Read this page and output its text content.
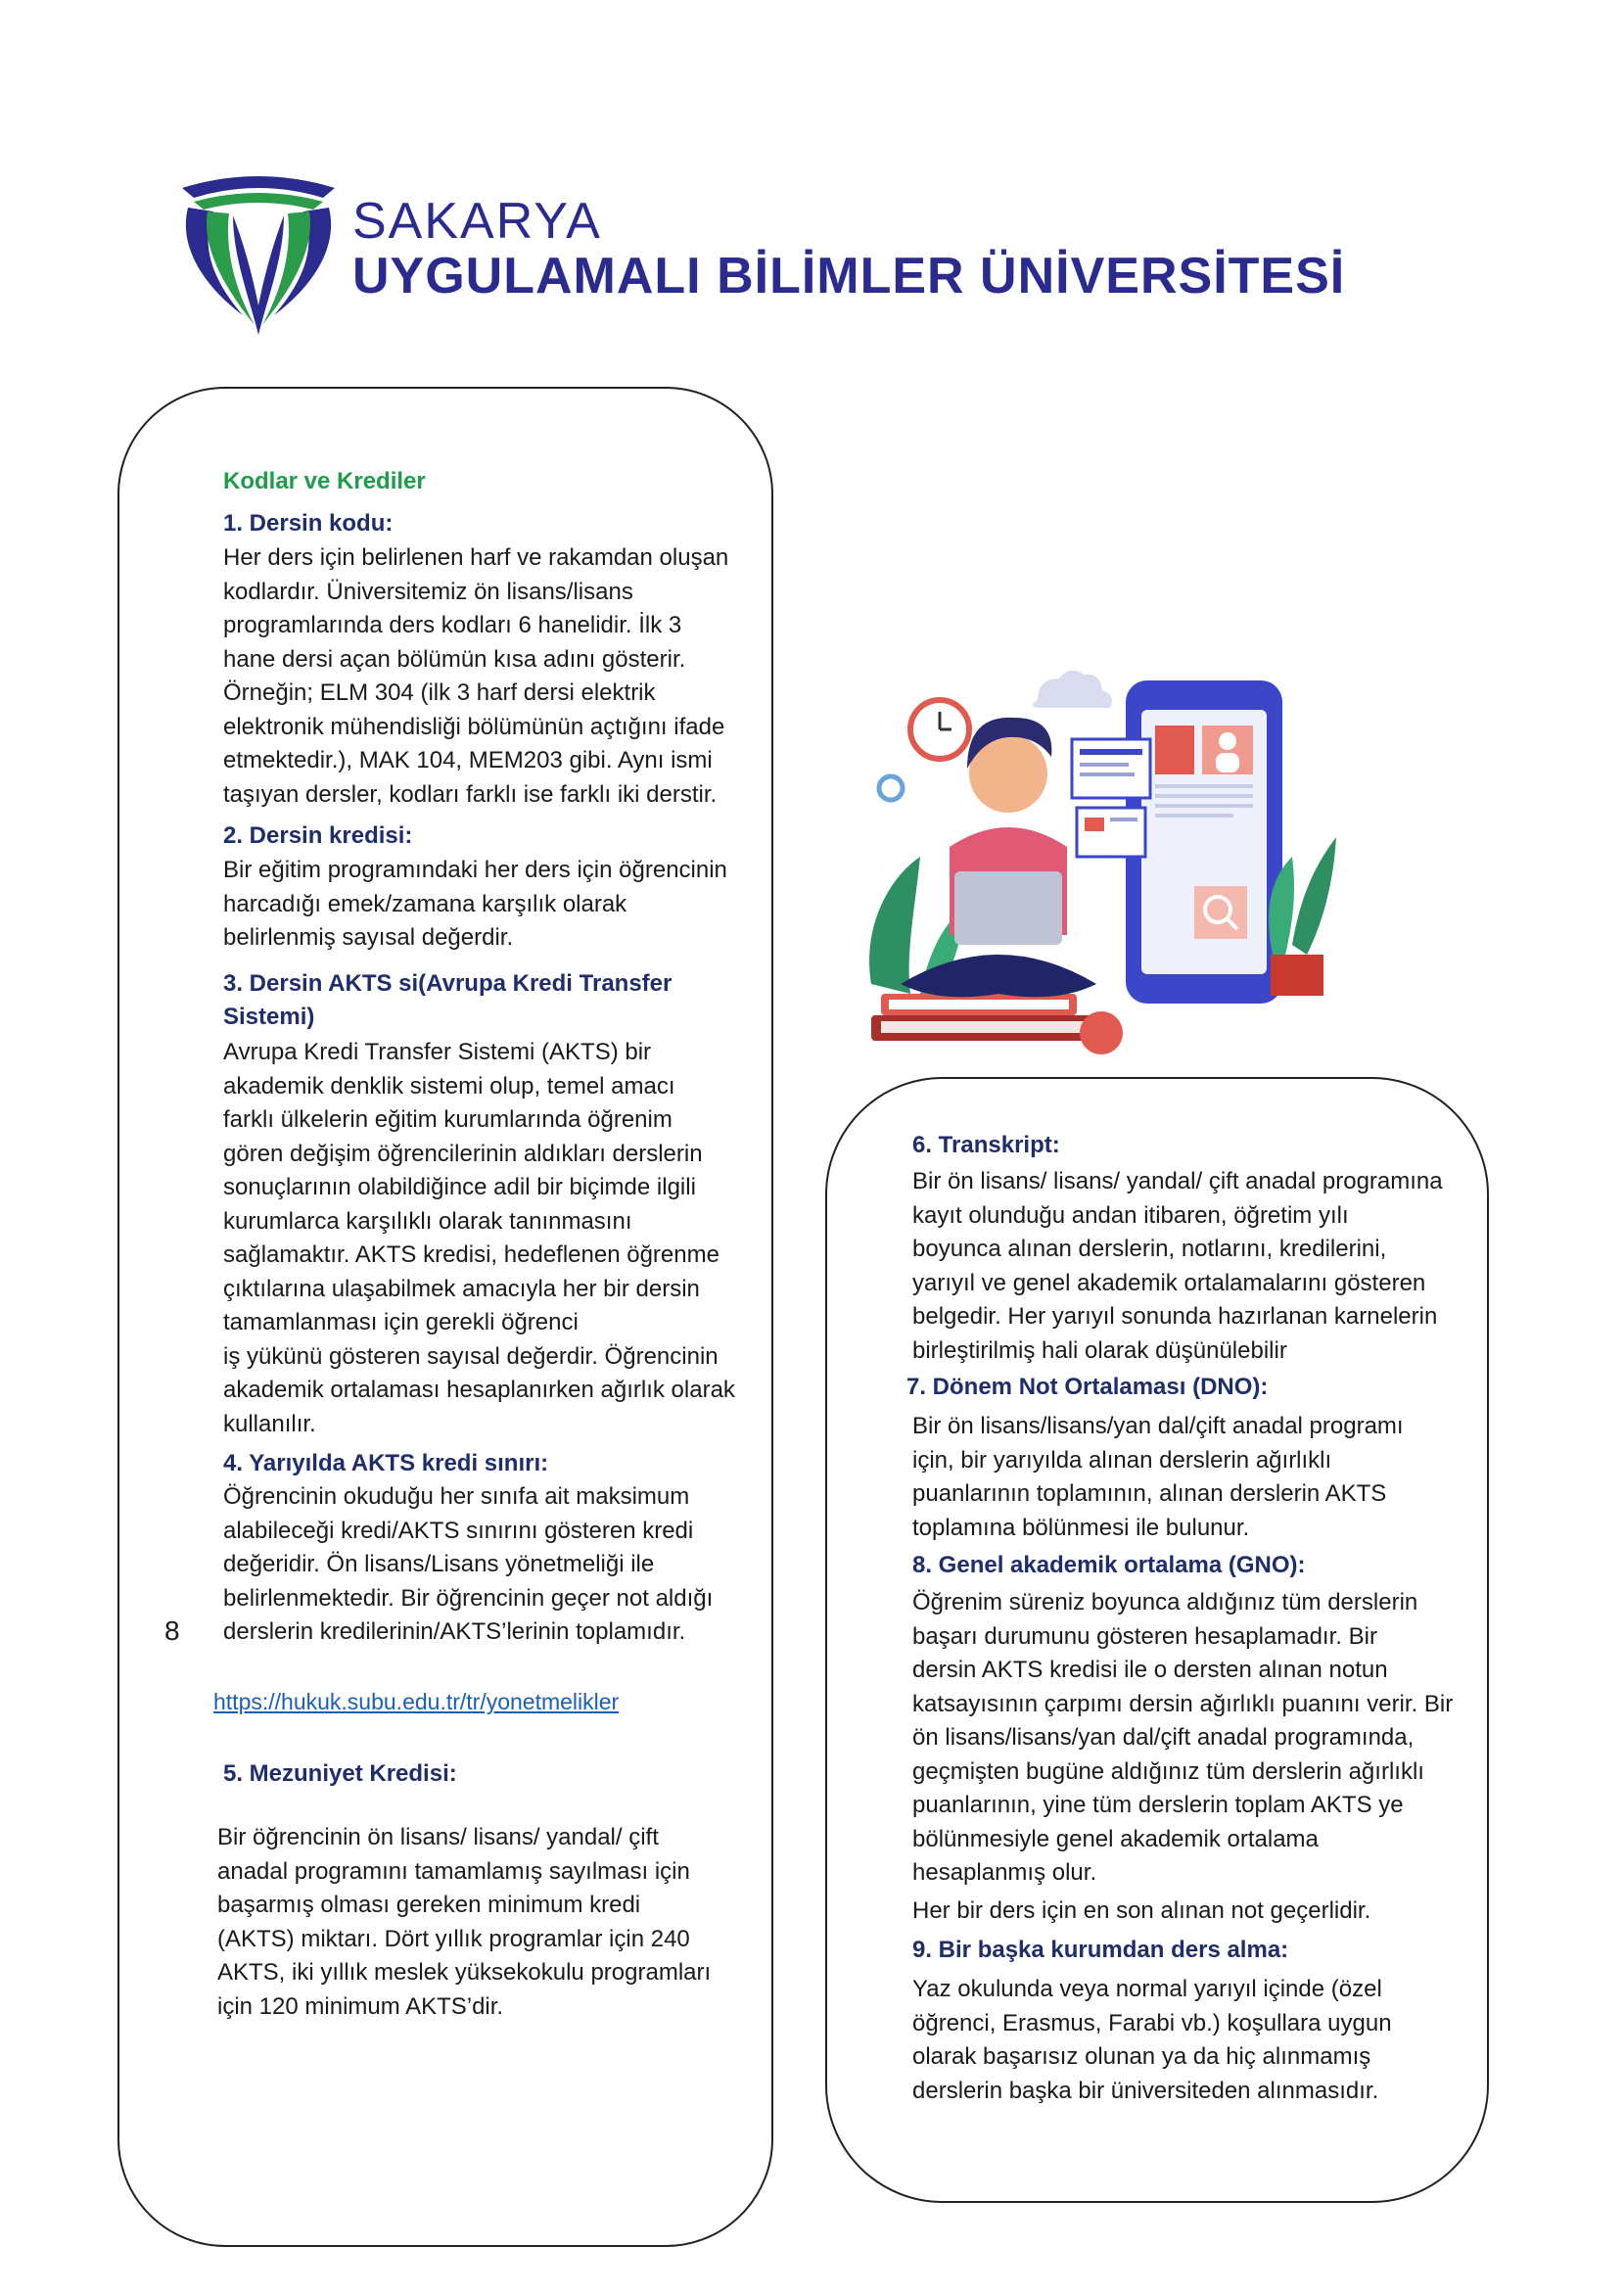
SAKARYA
UYGULAMALI BİLİMLER ÜNİVERSİTESİ
Kodlar ve Krediler
1. Dersin kodu:
Her ders için belirlenen harf ve rakamdan oluşan
kodlardır. Üniversitemiz ön lisans/lisans
programlarında ders kodları 6 hanelidir. İlk 3
hane dersi açan bölümün kısa adını gösterir.
Örneğin; ELM 304 (ilk 3 harf dersi elektrik
elektronik mühendisliği bölümünün açtığını ifade
etmektedir.), MAK 104, MEM203 gibi. Aynı ismi
taşıyan dersler, kodları farklı ise farklı iki derstir.
2. Dersin kredisi:
Bir eğitim programındaki her ders için öğrencinin
harcadığı emek/zamana karşılık olarak
belirlenmiş sayısal değerdir.
3. Dersin AKTS si(Avrupa Kredi Transfer
Sistemi)
Avrupa Kredi Transfer Sistemi (AKTS) bir
akademik denklik sistemi olup, temel amacı
farklı ülkelerin eğitim kurumlarında öğrenim
gören değişim öğrencilerinin aldıkları derslerin
sonuçlarının olabildiğince adil bir biçimde ilgili
kurumlarca karşılıklı olarak tanınmasını
sağlamaktır. AKTS kredisi, hedeflenen öğrenme
çıktılarına ulaşabilmek amacıyla her bir dersin
tamamlanması için gerekli öğrenci
iş yükünü gösteren sayısal değerdir. Öğrencinin
akademik ortalaması hesaplanırken ağırlık olarak
kullanılır.
4. Yarıyılda AKTS kredi sınırı:
Öğrencinin okuduğu her sınıfa ait maksimum
alabileceği kredi/AKTS sınırını gösteren kredi
değeridir. Ön lisans/Lisans yönetmeliği ile
belirlenmektedir. Bir öğrencinin geçer not aldığı
derslerin kredilerinin/AKTS’lerinin toplamıdır.
8
https://hukuk.subu.edu.tr/tr/yonetmelikler
5. Mezuniyet Kredisi:
Bir öğrencinin ön lisans/ lisans/ yandal/ çift
anadal programını tamamlamış sayılması için
başarmış olması gereken minimum kredi
(AKTS) miktarı. Dört yıllık programlar için 240
AKTS, iki yıllık meslek yüksekokulu programları
için 120 minimum AKTS’dir.
6. Transkript:
Bir ön lisans/ lisans/ yandal/ çift anadal programına
kayıt olunduğu andan itibaren, öğretim yılı
boyunca alınan derslerin, notlarını, kredilerini,
yarıyıl ve genel akademik ortalamalarını gösteren
belgedir. Her yarıyıl sonunda hazırlanan karnelerin
birleştirilmiş hali olarak düşünülebilir
7. Dönem Not Ortalaması (DNO):
Bir ön lisans/lisans/yan dal/çift anadal programı
için, bir yarıyılda alınan derslerin ağırlıklı
puanlarının toplamının, alınan derslerin AKTS
toplamına bölünmesi ile bulunur.
8. Genel akademik ortalama (GNO):
Öğrenim süreniz boyunca aldığınız tüm derslerin
başarı durumunu gösteren hesaplamadır. Bir
dersin AKTS kredisi ile o dersten alınan notun
katsayısının çarpımı dersin ağırlıklı puanını verir. Bir
ön lisans/lisans/yan dal/çift anadal programında,
geçmişten bugüne aldığınız tüm derslerin ağırlıklı
puanlarının, yine tüm derslerin toplam AKTS ye
bölünmesiyle genel akademik ortalama
hesaplanmış olur.
Her bir ders için en son alınan not geçerlidir.
9. Bir başka kurumdan ders alma:
Yaz okulunda veya normal yarıyıl içinde (özel
öğrenci, Erasmus, Farabi vb.) koşullara uygun
olarak başarısız olunan ya da hiç alınmamış
derslerin başka bir üniversiteden alınmasıdır.
